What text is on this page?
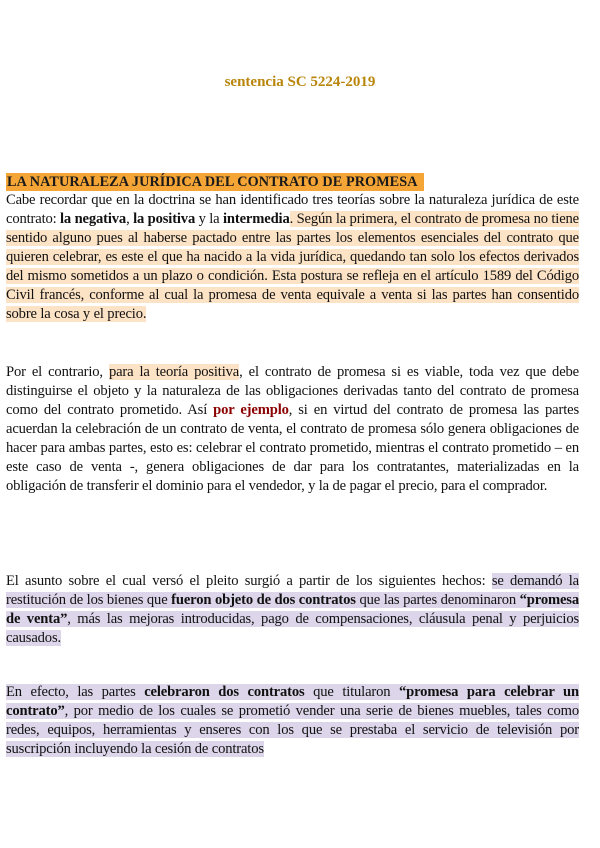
sentencia SC 5224-2019
LA NATURALEZA JURÍDICA DEL CONTRATO DE PROMESA

Cabe recordar que en la doctrina se han identificado tres teorías sobre la naturaleza jurídica de este contrato: la negativa, la positiva y la intermedia. Según la primera, el contrato de promesa no tiene sentido alguno pues al haberse pactado entre las partes los elementos esenciales del contrato que quieren celebrar, es este el que ha nacido a la vida jurídica, quedando tan solo los efectos derivados del mismo sometidos a un plazo o condición. Esta postura se refleja en el artículo 1589 del Código Civil francés, conforme al cual la promesa de venta equivale a venta si las partes han consentido sobre la cosa y el precio.

Por el contrario, para la teoría positiva, el contrato de promesa si es viable, toda vez que debe distinguirse el objeto y la naturaleza de las obligaciones derivadas tanto del contrato de promesa como del contrato prometido. Así por ejemplo, si en virtud del contrato de promesa las partes acuerdan la celebración de un contrato de venta, el contrato de promesa sólo genera obligaciones de hacer para ambas partes, esto es: celebrar el contrato prometido, mientras el contrato prometido – en este caso de venta -, genera obligaciones de dar para los contratantes, materializadas en la obligación de transferir el dominio para el vendedor, y la de pagar el precio, para el comprador.

El asunto sobre el cual versó el pleito surgió a partir de los siguientes hechos: se demandó la restitución de los bienes que fueron objeto de dos contratos que las partes denominaron “promesa de venta”, más las mejoras introducidas, pago de compensaciones, cláusula penal y perjuicios causados.

En efecto, las partes celebraron dos contratos que titularon “promesa para celebrar un contrato”, por medio de los cuales se prometió vender una serie de bienes muebles, tales como redes, equipos, herramientas y enseres con los que se prestaba el servicio de televisión por suscripción incluyendo la cesión de contratos
